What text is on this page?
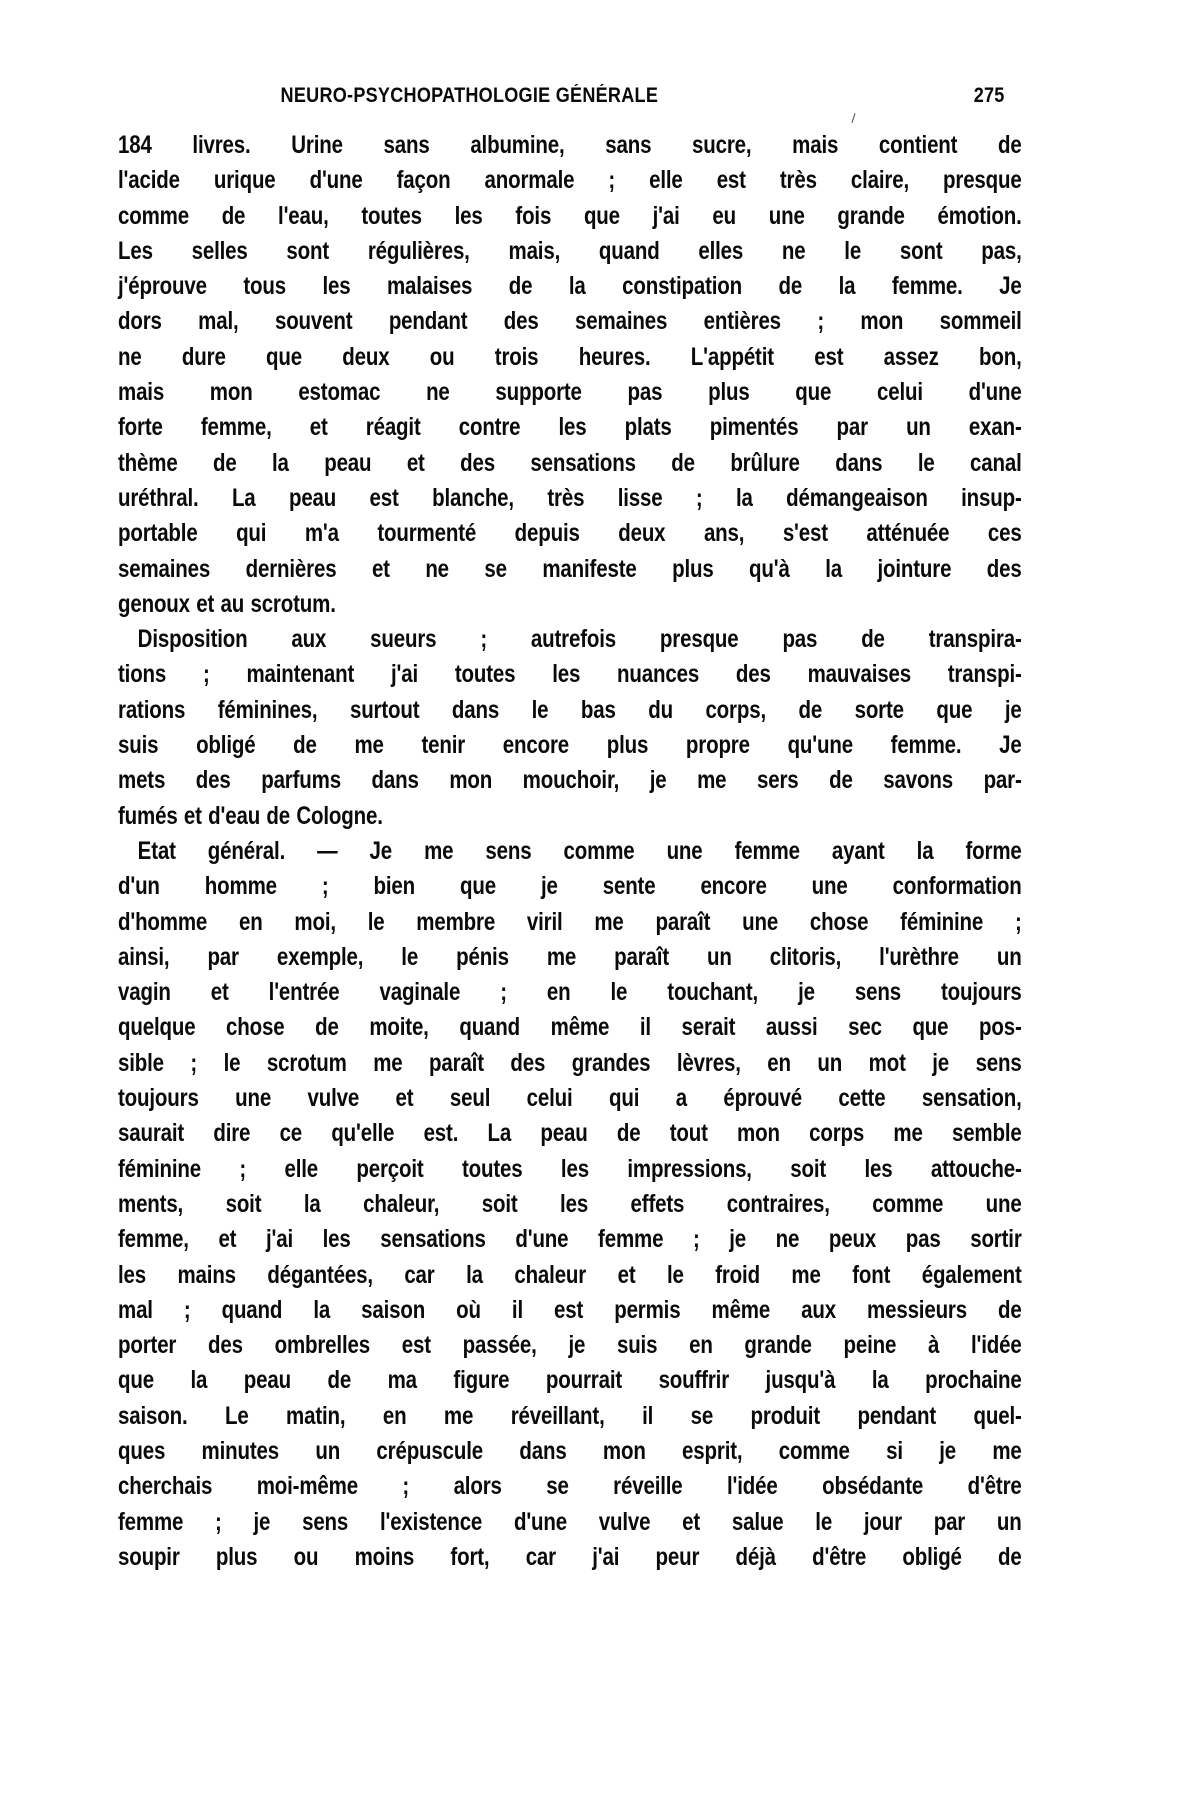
NEURO-PSYCHOPATHOLOGIE GÉNÉRALE	275
184 livres. Urine sans albumine, sans sucre, mais contient de
l'acide urique d'une façon anormale ; elle est très claire, presque
comme de l'eau, toutes les fois que j'ai eu une grande émotion.
Les selles sont régulières, mais, quand elles ne le sont pas,
j'éprouve tous les malaises de la constipation de la femme. Je
dors mal, souvent pendant des semaines entières ; mon sommeil
ne dure que deux ou trois heures. L'appétit est assez bon,
mais mon estomac ne supporte pas plus que celui d'une
forte femme, et réagit contre les plats pimentés par un exan-
thème de la peau et des sensations de brûlure dans le canal
uréthral. La peau est blanche, très lisse ; la démangeaison insup-
portable qui m'a tourmenté depuis deux ans, s'est atténuée ces
semaines dernières et ne se manifeste plus qu'à la jointure des
genoux et au scrotum.
Disposition aux sueurs ; autrefois presque pas de transpira-
tions ; maintenant j'ai toutes les nuances des mauvaises transpi-
rations féminines, surtout dans le bas du corps, de sorte que je
suis obligé de me tenir encore plus propre qu'une femme. Je
mets des parfums dans mon mouchoir, je me sers de savons par-
fumés et d'eau de Cologne.
Etat général. — Je me sens comme une femme ayant la forme
d'un homme ; bien que je sente encore une conformation
d'homme en moi, le membre viril me paraît une chose féminine ;
ainsi, par exemple, le pénis me paraît un clitoris, l'urèthre un
vagin et l'entrée vaginale ; en le touchant, je sens toujours
quelque chose de moite, quand même il serait aussi sec que pos-
sible ; le scrotum me paraît des grandes lèvres, en un mot je sens
toujours une vulve et seul celui qui a éprouvé cette sensation,
saurait dire ce qu'elle est. La peau de tout mon corps me semble
féminine ; elle perçoit toutes les impressions, soit les attouche-
ments, soit la chaleur, soit les effets contraires, comme une
femme, et j'ai les sensations d'une femme ; je ne peux pas sortir
les mains dégantées, car la chaleur et le froid me font également
mal ; quand la saison où il est permis même aux messieurs de
porter des ombrelles est passée, je suis en grande peine à l'idée
que la peau de ma figure pourrait souffrir jusqu'à la prochaine
saison. Le matin, en me réveillant, il se produit pendant quel-
ques minutes un crépuscule dans mon esprit, comme si je me
cherchais moi-même ; alors se réveille l'idée obsédante d'être
femme ; je sens l'existence d'une vulve et salue le jour par un
soupir plus ou moins fort, car j'ai peur déjà d'être obligé de
